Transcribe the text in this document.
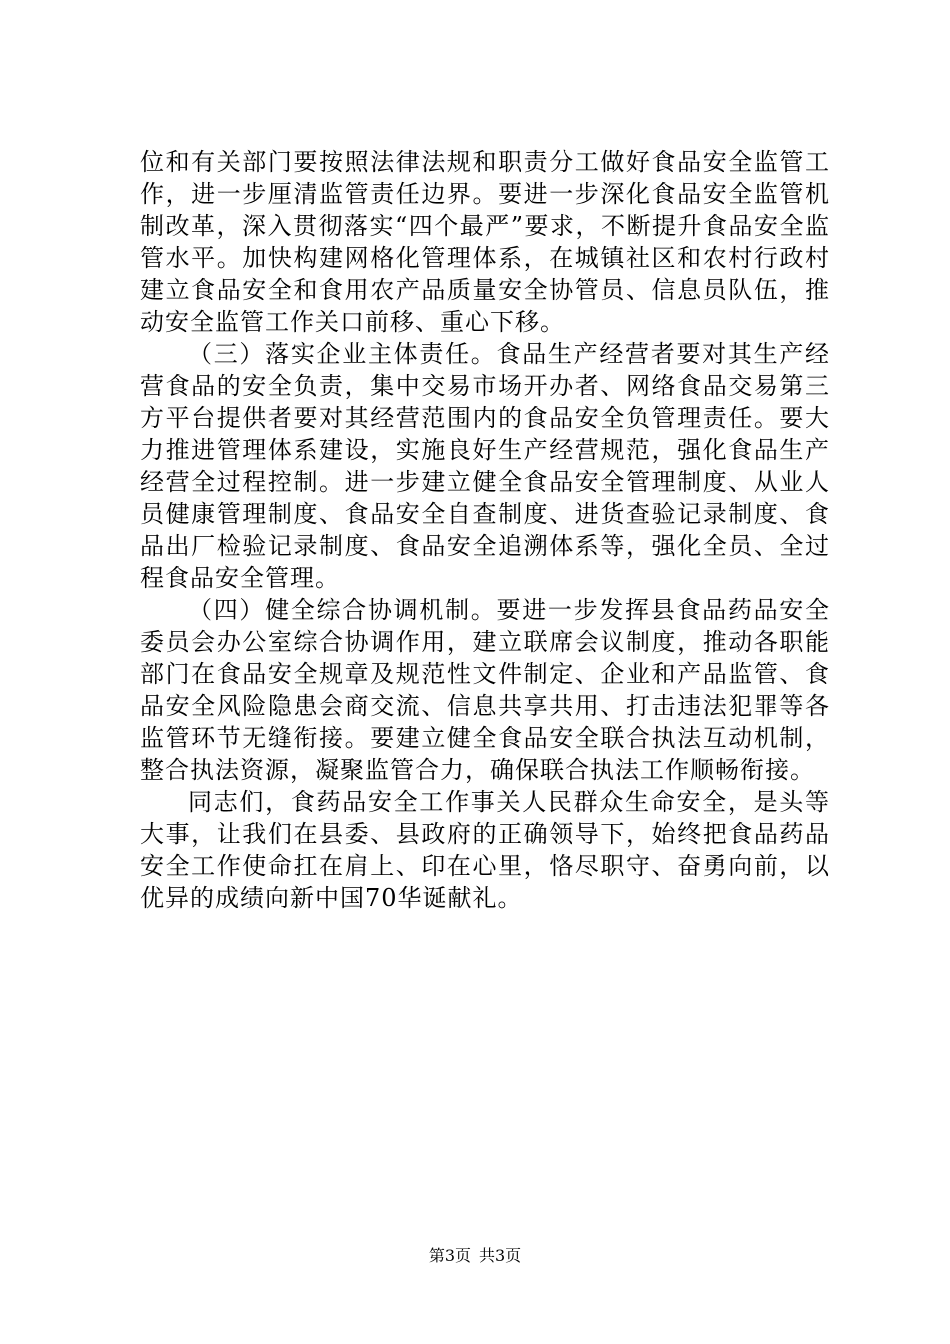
位和有关部门要按照法律法规和职责分工做好食品安全监管工作，进一步厘清监管责任边界。要进一步深化食品安全监管机制改革，深入贯彻落实“四个最严”要求，不断提升食品安全监管水平。加快构建网格化管理体系，在城镇社区和农村行政村建立食品安全和食用农产品质量安全协管员、信息员队伍，推动安全监管工作关口前移、重心下移。

（三）落实企业主体责任。食品生产经营者要对其生产经营食品的安全负责，集中交易市场开办者、网络食品交易第三方平台提供者要对其经营范围内的食品安全负管理责任。要大力推进管理体系建设，实施良好生产经营规范，强化食品生产经营全过程控制。进一步建立健全食品安全管理制度、从业人员健康管理制度、食品安全自查制度、进货查验记录制度、食品出厂检验记录制度、食品安全追溯体系等，强化全员、全过程食品安全管理。

（四）健全综合协调机制。要进一步发挥县食品药品安全委员会办公室综合协调作用，建立联席会议制度，推动各职能部门在食品安全规章及规范性文件制定、企业和产品监管、食品安全风险隐患会商交流、信息共享共用、打击违法犯罪等各监管环节无缝衔接。要建立健全食品安全联合执法互动机制，整合执法资源，凝聚监管合力，确保联合执法工作顺畅衔接。

同志们，食药品安全工作事关人民群众生命安全，是头等大事，让我们在县委、县政府的正确领导下，始终把食品药品安全工作使命扛在肩上、印在心里，恪尽职守、奋勇向前，以优异的成绩向新中国70华诞献礼。

第3页 共3页
